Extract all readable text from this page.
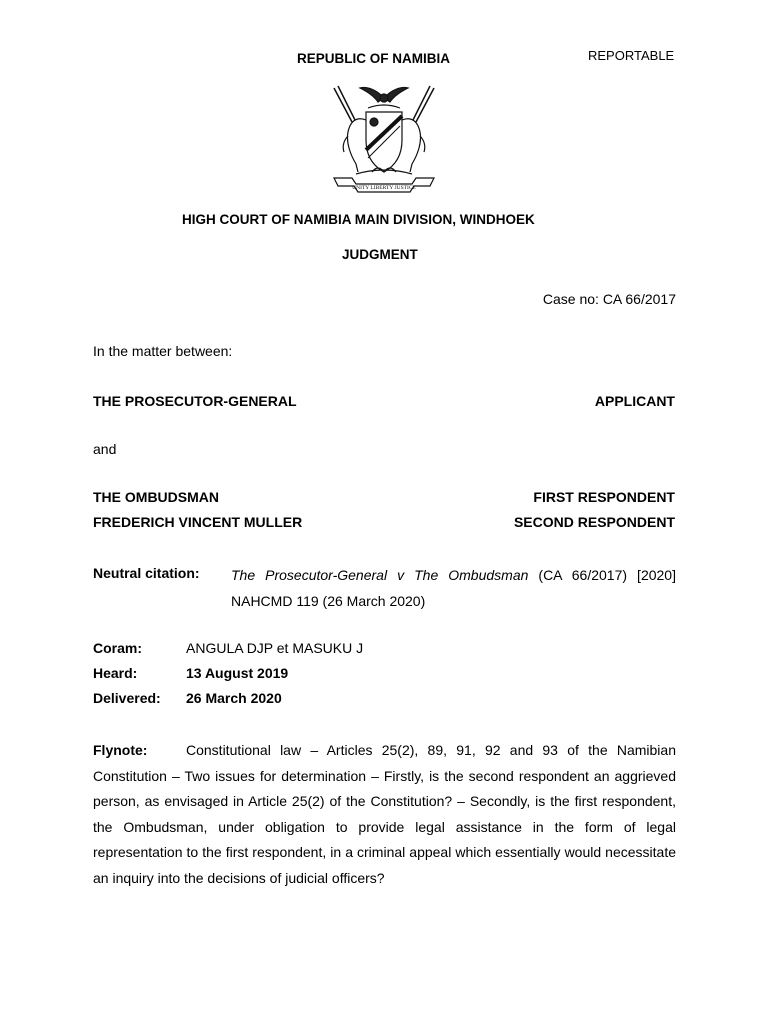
REPUBLIC OF NAMIBIA	REPORTABLE
UNITY LIBERTY JUSTICE
HIGH COURT OF NAMIBIA MAIN DIVISION, WINDHOEK
JUDGMENT
Case no: CA 66/2017
In the matter between:
THE PROSECUTOR-GENERAL	APPLICANT
and
THE OMBUDSMAN	FIRST RESPONDENT
FREDERICH VINCENT MULLER	SECOND RESPONDENT
Neutral citation: The Prosecutor-General v The Ombudsman (CA 66/2017) [2020] NAHCMD 119 (26 March 2020)
Coram:	ANGULA DJP et MASUKU J
Heard:	13 August 2019
Delivered: 26 March 2020
Flynote:	Constitutional law – Articles 25(2), 89, 91, 92 and 93 of the Namibian Constitution – Two issues for determination – Firstly, is the second respondent an aggrieved person, as envisaged in Article 25(2) of the Constitution? – Secondly, is the first respondent, the Ombudsman, under obligation to provide legal assistance in the form of legal representation to the first respondent, in a criminal appeal which essentially would necessitate an inquiry into the decisions of judicial officers?
